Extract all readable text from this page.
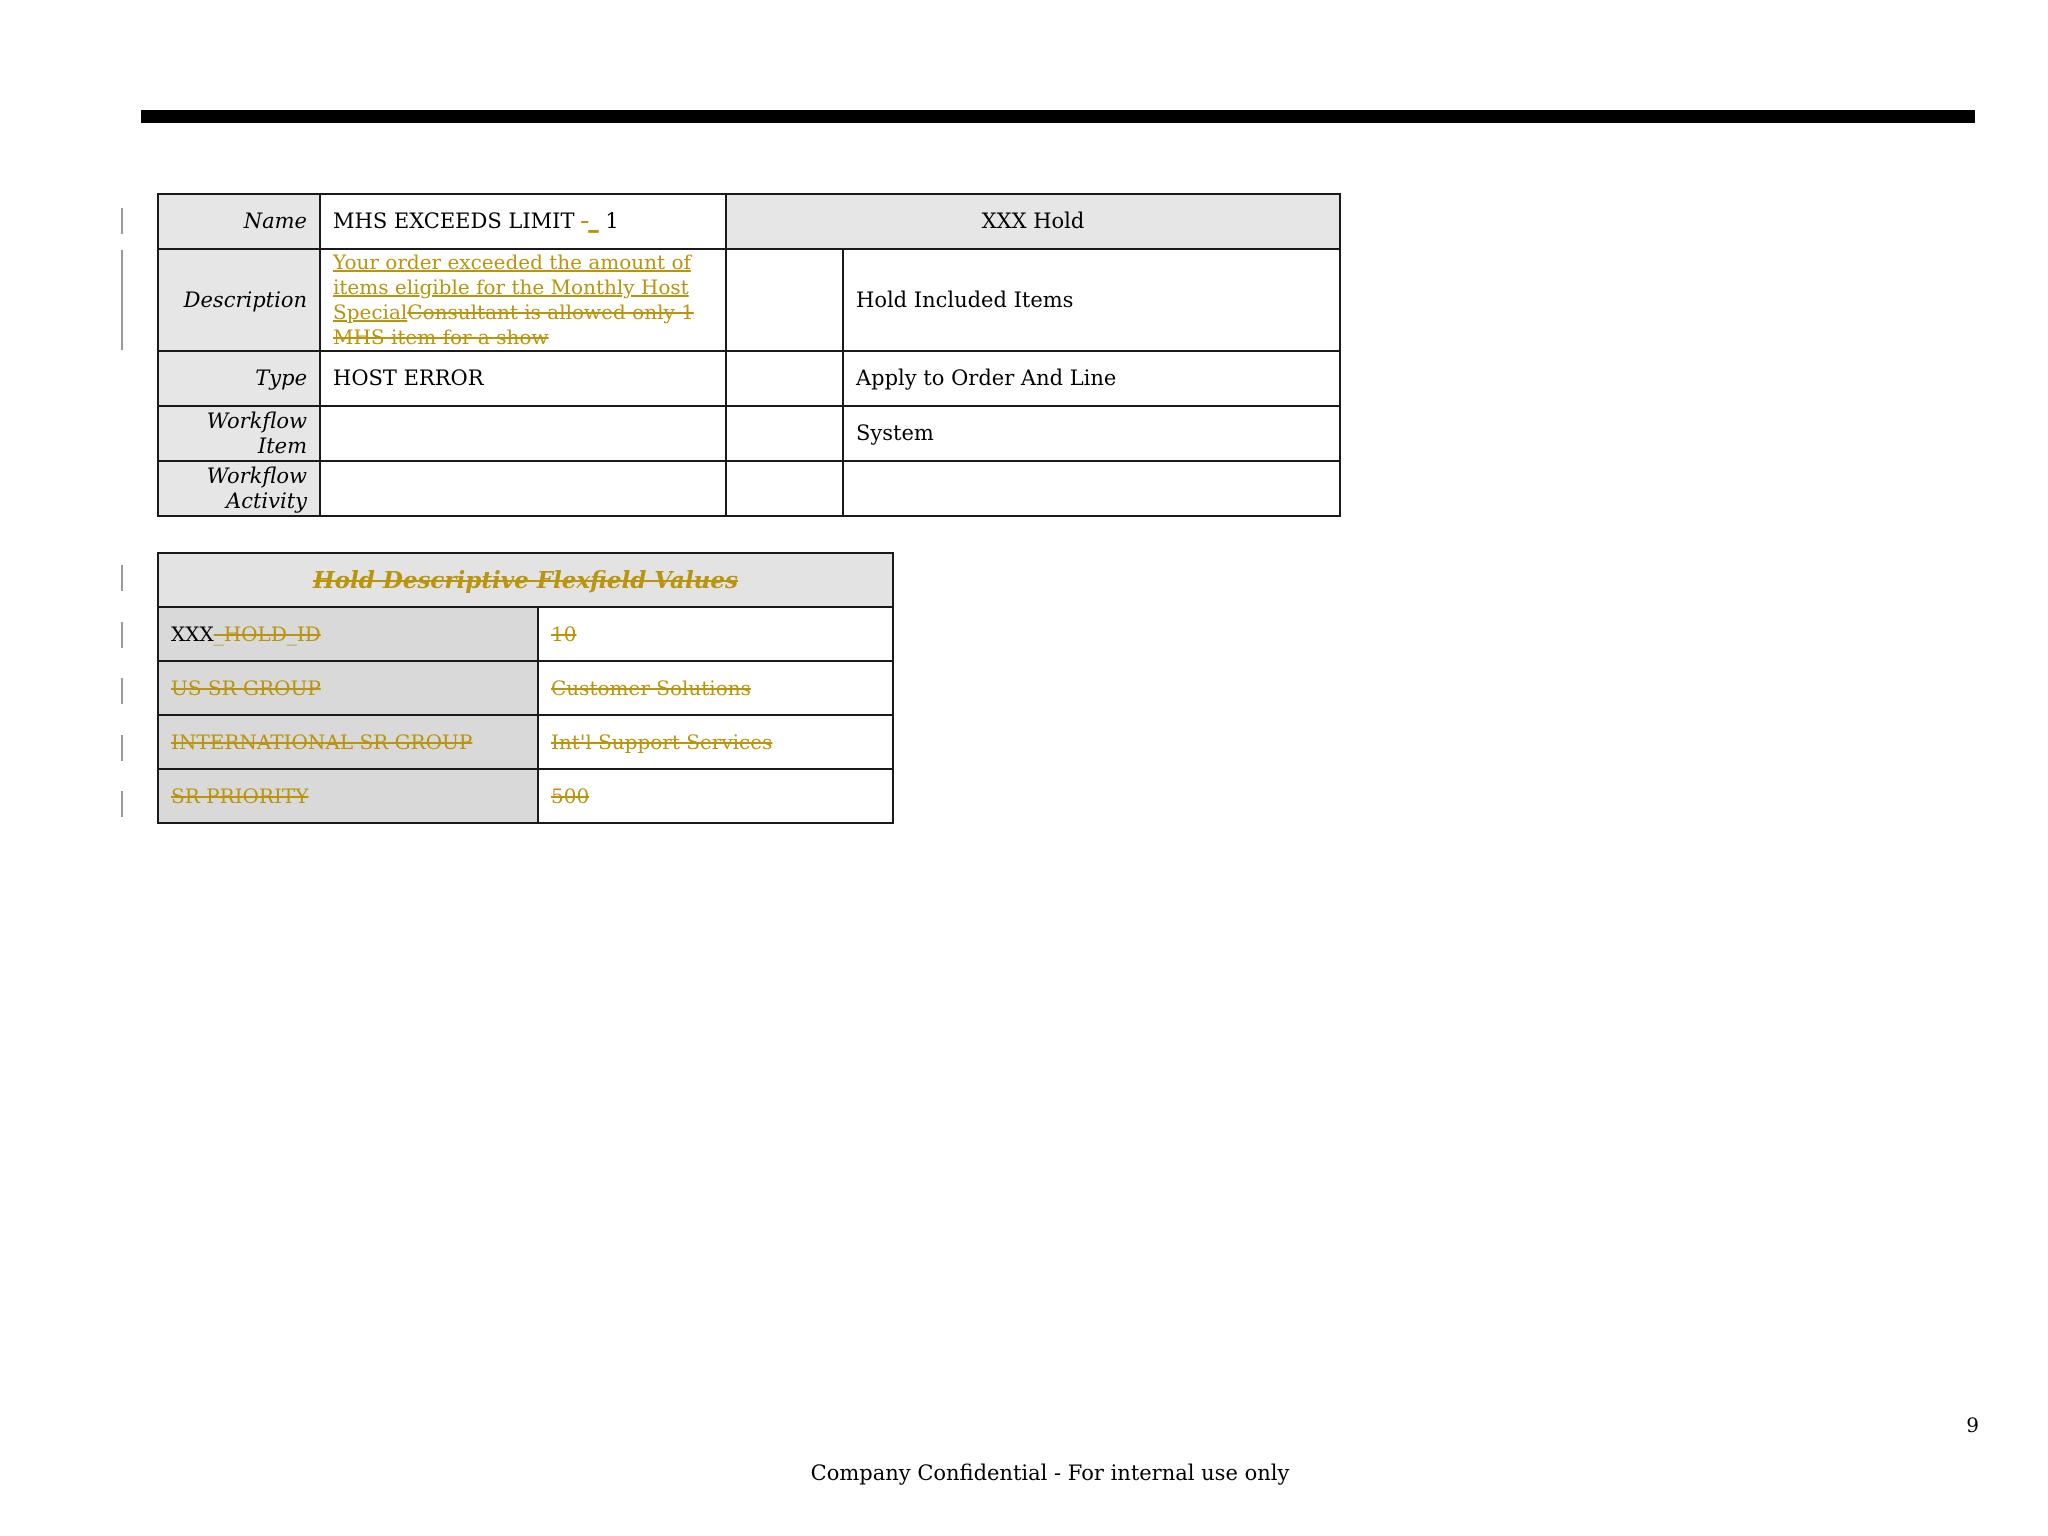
Name	MHS EXCEEDS LIMIT -_ 1	XXX Hold	
Description	Your order exceeded the amount of items eligible for the Monthly Host SpecialConsultant is allowed only 1 MHS item for a show		Hold Included Items
Type	HOST ERROR		Apply to Order And Line
Workflow Item			System
Workflow Activity			
Hold Descriptive Flexfield Values	
XXX_HOLD_ID	10
US SR GROUP	Customer Solutions
INTERNATIONAL SR GROUP	Int'l Support Services
SR PRIORITY	500
9
Company Confidential - For internal use only
